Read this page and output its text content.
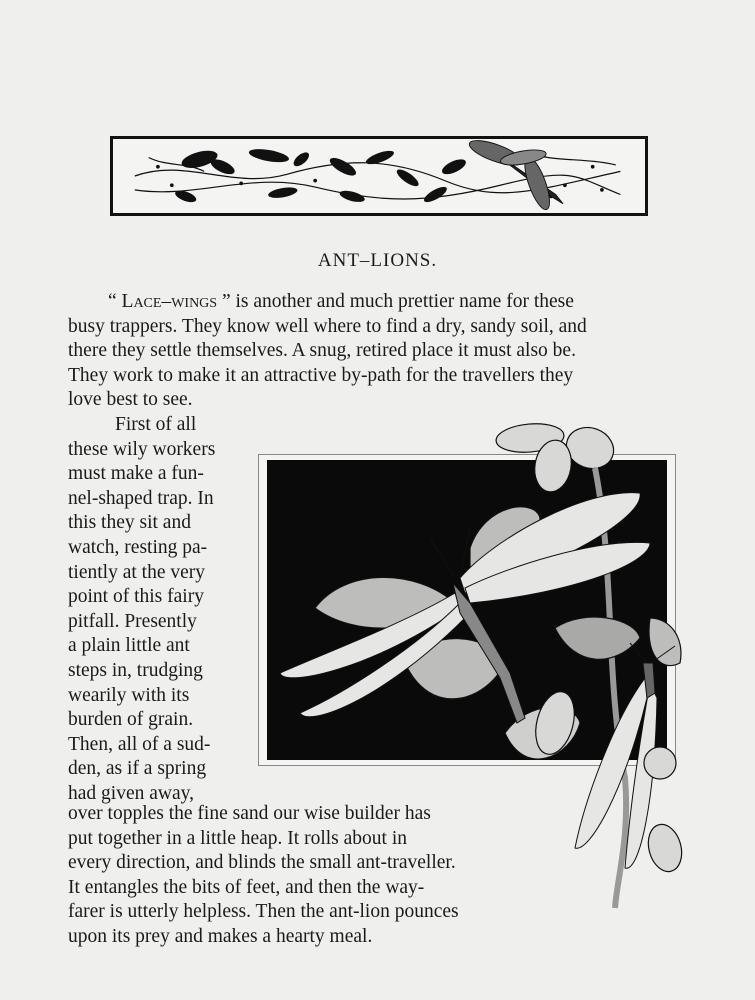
ANT–LIONS.
“ Lace–wings ” is another and much prettier name for these
busy trappers. They know well where to find a dry, sandy soil, and
there they settle themselves. A snug, retired place it must also be.
They work to make it an attractive by-path for the travellers they
love best to see.
First of all
these wily workers
must make a fun-
nel-shaped trap. In
this they sit and
watch, resting pa-
tiently at the very
point of this fairy
pitfall. Presently
a plain little ant
steps in, trudging
wearily with its
burden of grain.
Then, all of a sud-
den, as if a spring
had given away,
over topples the fine sand our wise builder has
put together in a little heap. It rolls about in
every direction, and blinds the small ant-traveller.
It entangles the bits of feet, and then the way-
farer is utterly helpless. Then the ant-lion pounces
upon its prey and makes a hearty meal.
